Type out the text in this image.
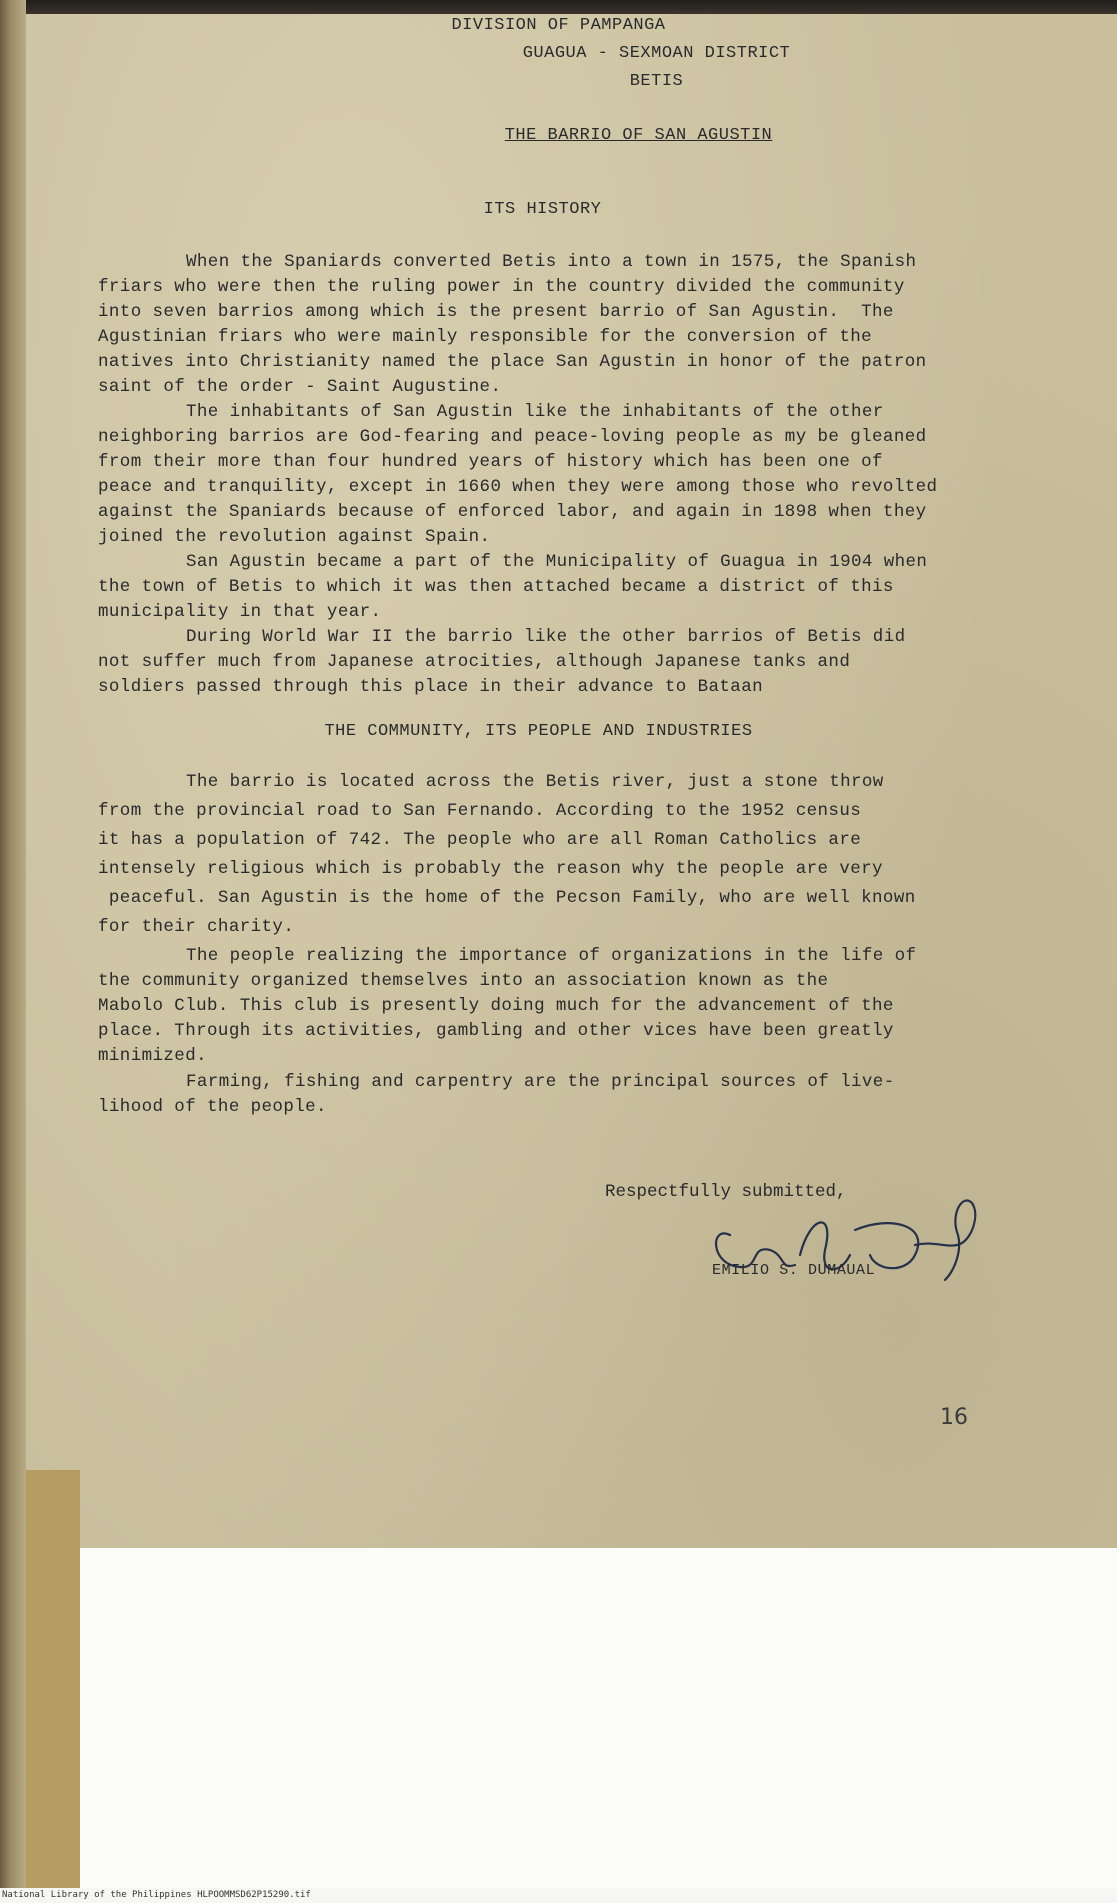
DIVISION OF PAMPANGA
GUAGUA - SEXMOAN DISTRICT
BETIS
THE BARRIO OF SAN AGUSTIN
ITS HISTORY
When the Spaniards converted Betis into a town in 1575, the Spanish
friars who were then the ruling power in the country divided the community
into seven barrios among which is the present barrio of San Agustin.  The
Agustinian friars who were mainly responsible for the conversion of the
natives into Christianity named the place San Agustin in honor of the patron
saint of the order - Saint Augustine.
The inhabitants of San Agustin like the inhabitants of the other
neighboring barrios are God-fearing and peace-loving people as my be gleaned
from their more than four hundred years of history which has been one of
peace and tranquility, except in 1660 when they were among those who revolted
against the Spaniards because of enforced labor, and again in 1898 when they
joined the revolution against Spain.
San Agustin became a part of the Municipality of Guagua in 1904 when
the town of Betis to which it was then attached became a district of this
municipality in that year.
During World War II the barrio like the other barrios of Betis did
not suffer much from Japanese atrocities, although Japanese tanks and
soldiers passed through this place in their advance to Bataan
THE COMMUNITY, ITS PEOPLE AND INDUSTRIES
The barrio is located across the Betis river, just a stone throw
from the provincial road to San Fernando. According to the 1952 census
it has a population of 742. The people who are all Roman Catholics are
intensely religious which is probably the reason why the people are very
peaceful. San Agustin is the home of the Pecson Family, who are well known
for their charity.
The people realizing the importance of organizations in the life of
the community organized themselves into an association known as the
Mabolo Club. This club is presently doing much for the advancement of the
place. Through its activities, gambling and other vices have been greatly
minimized.
Farming, fishing and carpentry are the principal sources of live-
lihood of the people.
Respectfully submitted,
EMILIO S. DUMAUAL
16
National Library of the Philippines HLPOOMMSD62P15290.tif
